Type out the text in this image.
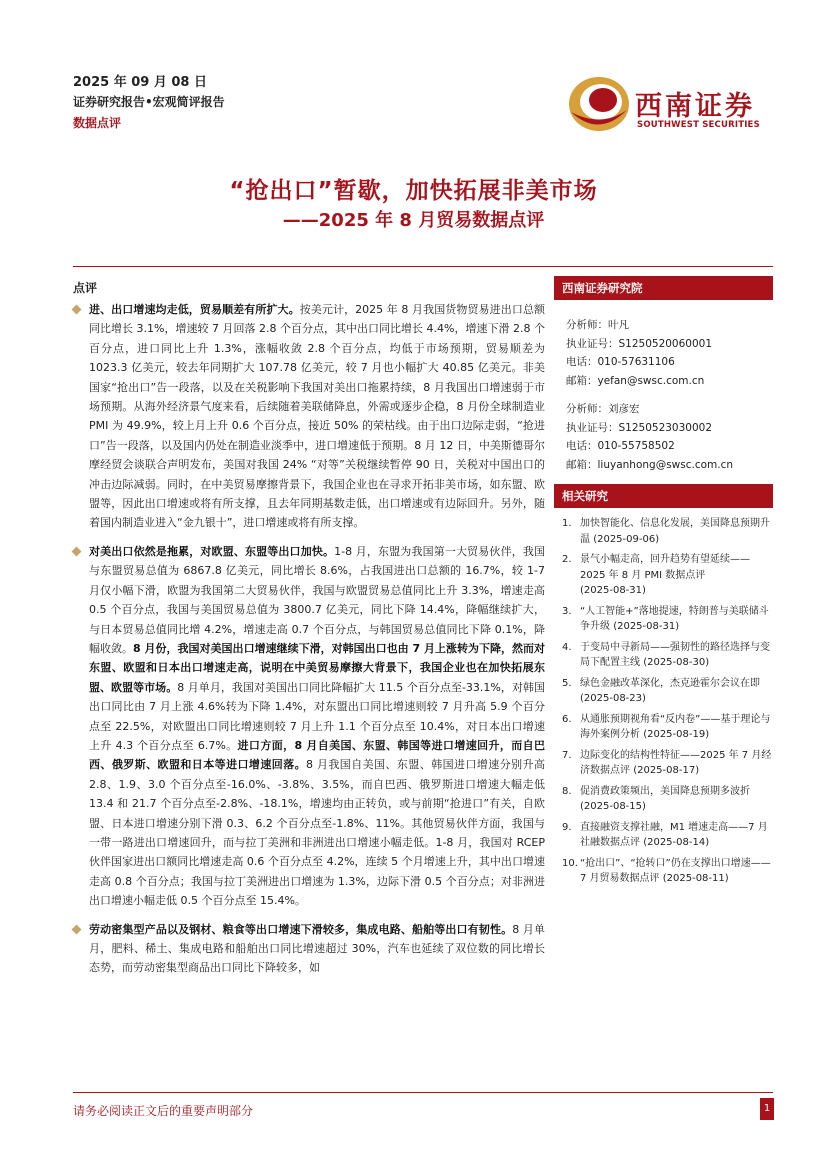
2025 年 09 月 08 日
证券研究报告•宏观简评报告
数据点评
西南证券
SOUTHWEST SECURITIES
“抢出口”暂歇，加快拓展非美市场
——2025 年 8 月贸易数据点评
点评
进、出口增速均走低，贸易顺差有所扩大。按美元计，2025 年 8 月我国货物贸易进出口总额同比增长 3.1%，增速较 7 月回落 2.8 个百分点，其中出口同比增长 4.4%，增速下滑 2.8 个百分点，进口同比上升 1.3%，涨幅收敛 2.8 个百分点，均低于市场预期，贸易顺差为 1023.3 亿美元，较去年同期扩大 107.78 亿美元，较 7 月也小幅扩大 40.85 亿美元。非美国家“抢出口”告一段落，以及在关税影响下我国对美出口拖累持续，8 月我国出口增速弱于市场预期。从海外经济景气度来看，后续随着美联储降息，外需或逐步企稳，8 月份全球制造业 PMI 为 49.9%，较上月上升 0.6 个百分点，接近 50% 的荣枯线。由于出口边际走弱，“抢进口”告一段落，以及国内仍处在制造业淡季中，进口增速低于预期。8 月 12 日，中美斯德哥尔摩经贸会谈联合声明发布，美国对我国 24% “对等”关税继续暂停 90 日，关税对中国出口的冲击边际减弱。同时，在中美贸易摩擦背景下，我国企业也在寻求开拓非美市场，如东盟、欧盟等，因此出口增速或将有所支撑，且去年同期基数走低，出口增速或有边际回升。另外，随着国内制造业进入“金九银十”，进口增速或将有所支撑。
对美出口依然是拖累，对欧盟、东盟等出口加快。1-8 月，东盟为我国第一大贸易伙伴，我国与东盟贸易总值为 6867.8 亿美元，同比增长 8.6%，占我国进出口总额的 16.7%，较 1-7 月仅小幅下滑，欧盟为我国第二大贸易伙伴，我国与欧盟贸易总值同比上升 3.3%，增速走高 0.5 个百分点，我国与美国贸易总值为 3800.7 亿美元，同比下降 14.4%，降幅继续扩大，与日本贸易总值同比增 4.2%，增速走高 0.7 个百分点，与韩国贸易总值同比下降 0.1%，降幅收敛。8 月份，我国对美国出口增速继续下滑，对韩国出口也由 7 月上涨转为下降，然而对东盟、欧盟和日本出口增速走高，说明在中美贸易摩擦大背景下，我国企业也在加快拓展东盟、欧盟等市场。8 月单月，我国对美国出口同比降幅扩大 11.5 个百分点至-33.1%，对韩国出口同比由 7 月上涨 4.6%转为下降 1.4%，对东盟出口同比增速则较 7 月升高 5.9 个百分点至 22.5%，对欧盟出口同比增速则较 7 月上升 1.1 个百分点至 10.4%，对日本出口增速上升 4.3 个百分点至 6.7%。进口方面，8 月自美国、东盟、韩国等进口增速回升，而自巴西、俄罗斯、欧盟和日本等进口增速回落。8 月我国自美国、东盟、韩国进口增速分别升高 2.8、1.9、3.0 个百分点至-16.0%、-3.8%、3.5%，而自巴西、俄罗斯进口增速大幅走低 13.4 和 21.7 个百分点至-2.8%、-18.1%，增速均由正转负，或与前期“抢进口”有关，自欧盟、日本进口增速分别下滑 0.3、6.2 个百分点至-1.8%、11%。其他贸易伙伴方面，我国与一带一路进出口增速回升，而与拉丁美洲和非洲进出口增速小幅走低。1-8 月，我国对 RCEP 伙伴国家进出口额同比增速走高 0.6 个百分点至 4.2%，连续 5 个月增速上升，其中出口增速走高 0.8 个百分点；我国与拉丁美洲进出口增速为 1.3%，边际下滑 0.5 个百分点；对非洲进出口增速小幅走低 0.5 个百分点至 15.4%。
劳动密集型产品以及钢材、粮食等出口增速下滑较多，集成电路、船舶等出口有韧性。8 月单月，肥料、稀土、集成电路和船舶出口同比增速超过 30%，汽车也延续了双位数的同比增长态势，而劳动密集型商品出口同比下降较多，如
西南证券研究院
分析师：叶凡
执业证号：S1250520060001
电话：010-57631106
邮箱：yefan@swsc.com.cn
分析师：刘彦宏
执业证号：S1250523030002
电话：010-55758502
邮箱：liuyanhong@swsc.com.cn
相关研究
1. 加快智能化、信息化发展，美国降息预期升温 (2025-09-06)
2. 景气小幅走高，回升趋势有望延续——2025 年 8 月 PMI 数据点评 (2025-08-31)
3. “人工智能+”落地提速，特朗普与美联储斗争升级 (2025-08-31)
4. 于变局中寻新局——强韧性的路径选择与变局下配置主线 (2025-08-30)
5. 绿色金融改革深化，杰克逊霍尔会议在即 (2025-08-23)
6. 从通胀预期视角看“反内卷”——基于理论与海外案例分析 (2025-08-19)
7. 边际变化的结构性特征——2025 年 7 月经济数据点评 (2025-08-17)
8. 促消费政策频出，美国降息预期多波折 (2025-08-15)
9. 直接融资支撑社融，M1 增速走高——7 月社融数据点评 (2025-08-14)
10. “抢出口”、“抢转口”仍在支撑出口增速——7 月贸易数据点评 (2025-08-11)
请务必阅读正文后的重要声明部分	1
